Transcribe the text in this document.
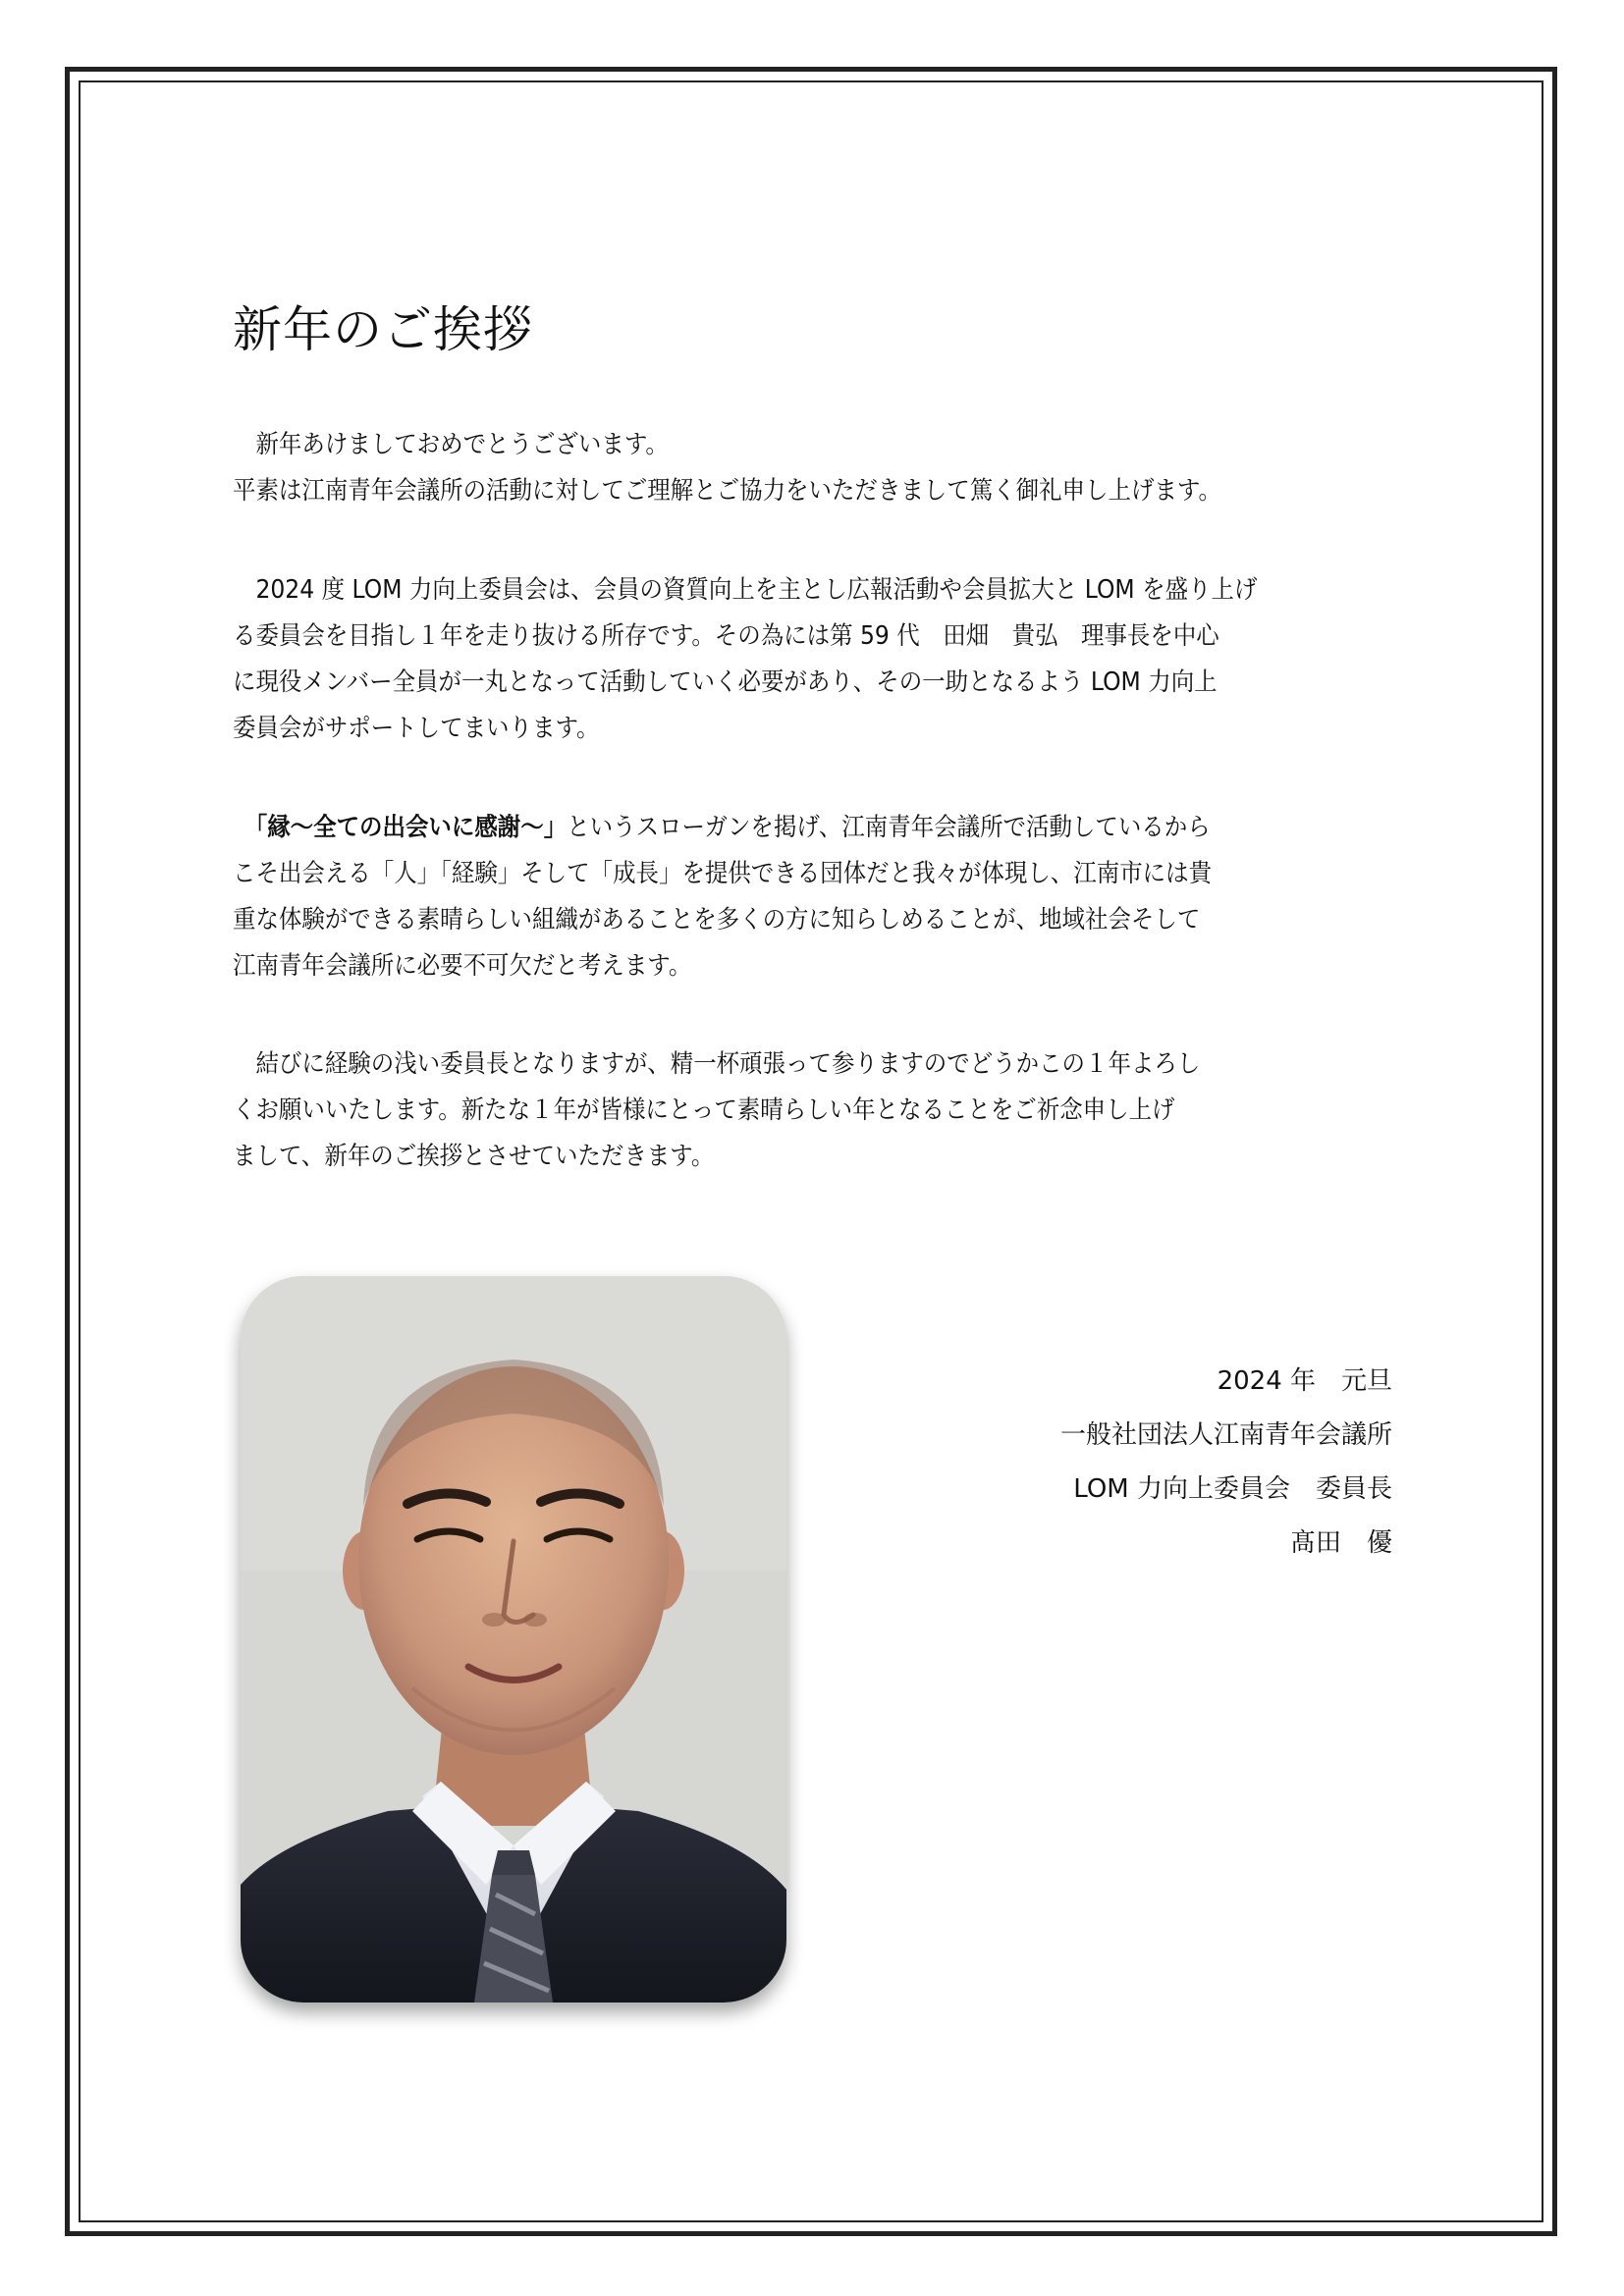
新年のご挨拶
　新年あけましておめでとうございます。
平素は江南青年会議所の活動に対してご理解とご協力をいただきまして篤く御礼申し上げます。
　2024 度 LOM 力向上委員会は、会員の資質向上を主とし広報活動や会員拡大と LOM を盛り上げ
る委員会を目指し１年を走り抜ける所存です。その為には第 59 代　田畑　貴弘　理事長を中心
に現役メンバー全員が一丸となって活動していく必要があり、その一助となるよう LOM 力向上
委員会がサポートしてまいります。
　「縁～全ての出会いに感謝～」というスローガンを掲げ、江南青年会議所で活動しているから
こそ出会える「人」「経験」そして「成長」を提供できる団体だと我々が体現し、江南市には貴
重な体験ができる素晴らしい組織があることを多くの方に知らしめることが、地域社会そして
江南青年会議所に必要不可欠だと考えます。
　結びに経験の浅い委員長となりますが、精一杯頑張って参りますのでどうかこの１年よろし
くお願いいたします。新たな１年が皆様にとって素晴らしい年となることをご祈念申し上げ
まして、新年のご挨拶とさせていただきます。
2024 年　元旦
一般社団法人江南青年会議所
LOM 力向上委員会　委員長
髙田　優
